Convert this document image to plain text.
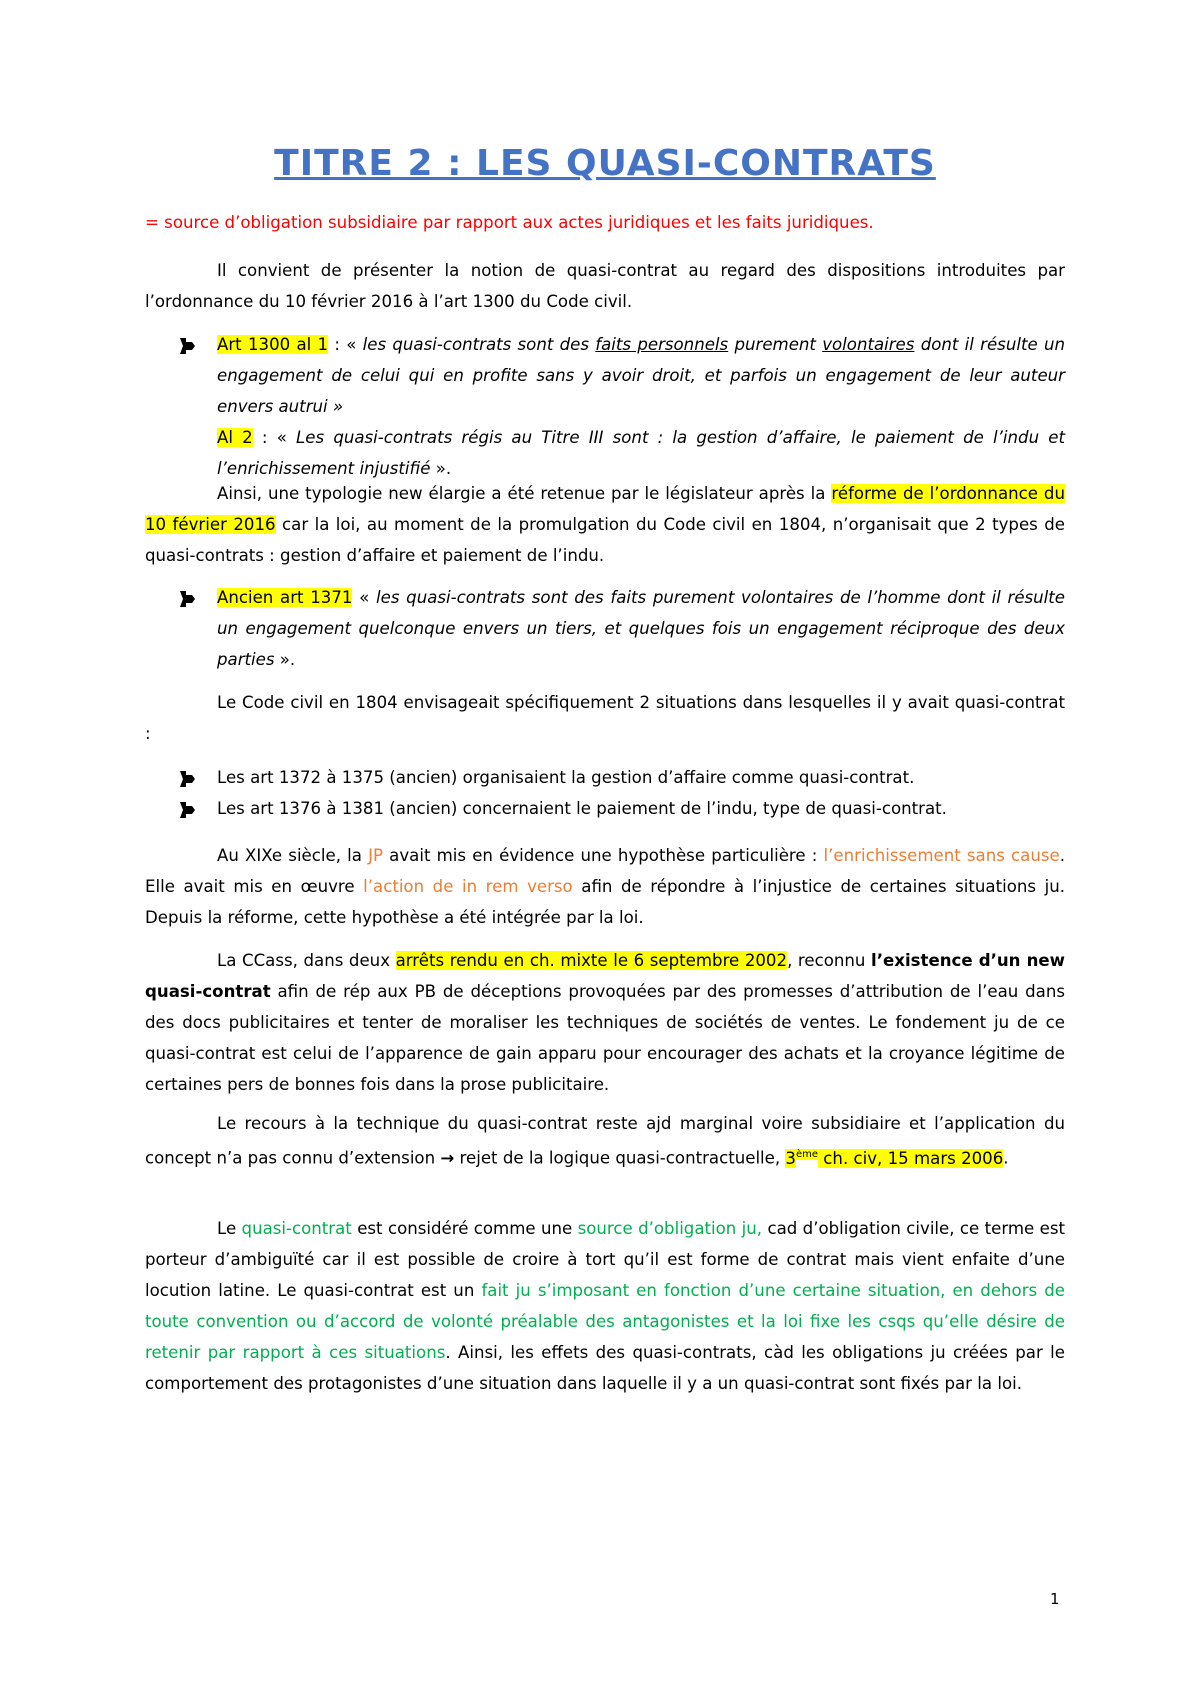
TITRE 2 : LES QUASI-CONTRATS

= source d’obligation subsidiaire par rapport aux actes juridiques et les faits juridiques.

Il convient de présenter la notion de quasi-contrat au regard des dispositions introduites par l’ordonnance du 10 février 2016 à l’art 1300 du Code civil.

Art 1300 al 1 : « les quasi-contrats sont des faits personnels purement volontaires dont il résulte un engagement de celui qui en profite sans y avoir droit, et parfois un engagement de leur auteur envers autrui »
Al 2 : « Les quasi-contrats régis au Titre III sont : la gestion d’affaire, le paiement de l’indu et l’enrichissement injustifié ».

Ainsi, une typologie new élargie a été retenue par le législateur après la réforme de l’ordonnance du 10 février 2016 car la loi, au moment de la promulgation du Code civil en 1804, n’organisait que 2 types de quasi-contrats : gestion d’affaire et paiement de l’indu.

Ancien art 1371 « les quasi-contrats sont des faits purement volontaires de l’homme dont il résulte un engagement quelconque envers un tiers, et quelques fois un engagement réciproque des deux parties ».

Le Code civil en 1804 envisageait spécifiquement 2 situations dans lesquelles il y avait quasi-contrat :

Les art 1372 à 1375 (ancien) organisaient la gestion d’affaire comme quasi-contrat.
Les art 1376 à 1381 (ancien) concernaient le paiement de l’indu, type de quasi-contrat.

Au XIXe siècle, la JP avait mis en évidence une hypothèse particulière : l’enrichissement sans cause. Elle avait mis en œuvre l’action de in rem verso afin de répondre à l’injustice de certaines situations ju. Depuis la réforme, cette hypothèse a été intégrée par la loi.

La CCass, dans deux arrêts rendu en ch. mixte le 6 septembre 2002, reconnu l’existence d’un new quasi-contrat afin de rép aux PB de déceptions provoquées par des promesses d’attribution de l’eau dans des docs publicitaires et tenter de moraliser les techniques de sociétés de ventes. Le fondement ju de ce quasi-contrat est celui de l’apparence de gain apparu pour encourager des achats et la croyance légitime de certaines pers de bonnes fois dans la prose publicitaire.

Le recours à la technique du quasi-contrat reste ajd marginal voire subsidiaire et l’application du concept n’a pas connu d’extension → rejet de la logique quasi-contractuelle, 3ème ch. civ, 15 mars 2006.

Le quasi-contrat est considéré comme une source d’obligation ju, cad d’obligation civile, ce terme est porteur d’ambiguïté car il est possible de croire à tort qu’il est forme de contrat mais vient enfaite d’une locution latine. Le quasi-contrat est un fait ju s’imposant en fonction d’une certaine situation, en dehors de toute convention ou d’accord de volonté préalable des antagonistes et la loi fixe les csqs qu’elle désire de retenir par rapport à ces situations. Ainsi, les effets des quasi-contrats, càd les obligations ju créées par le comportement des protagonistes d’une situation dans laquelle il y a un quasi-contrat sont fixés par la loi.

1
